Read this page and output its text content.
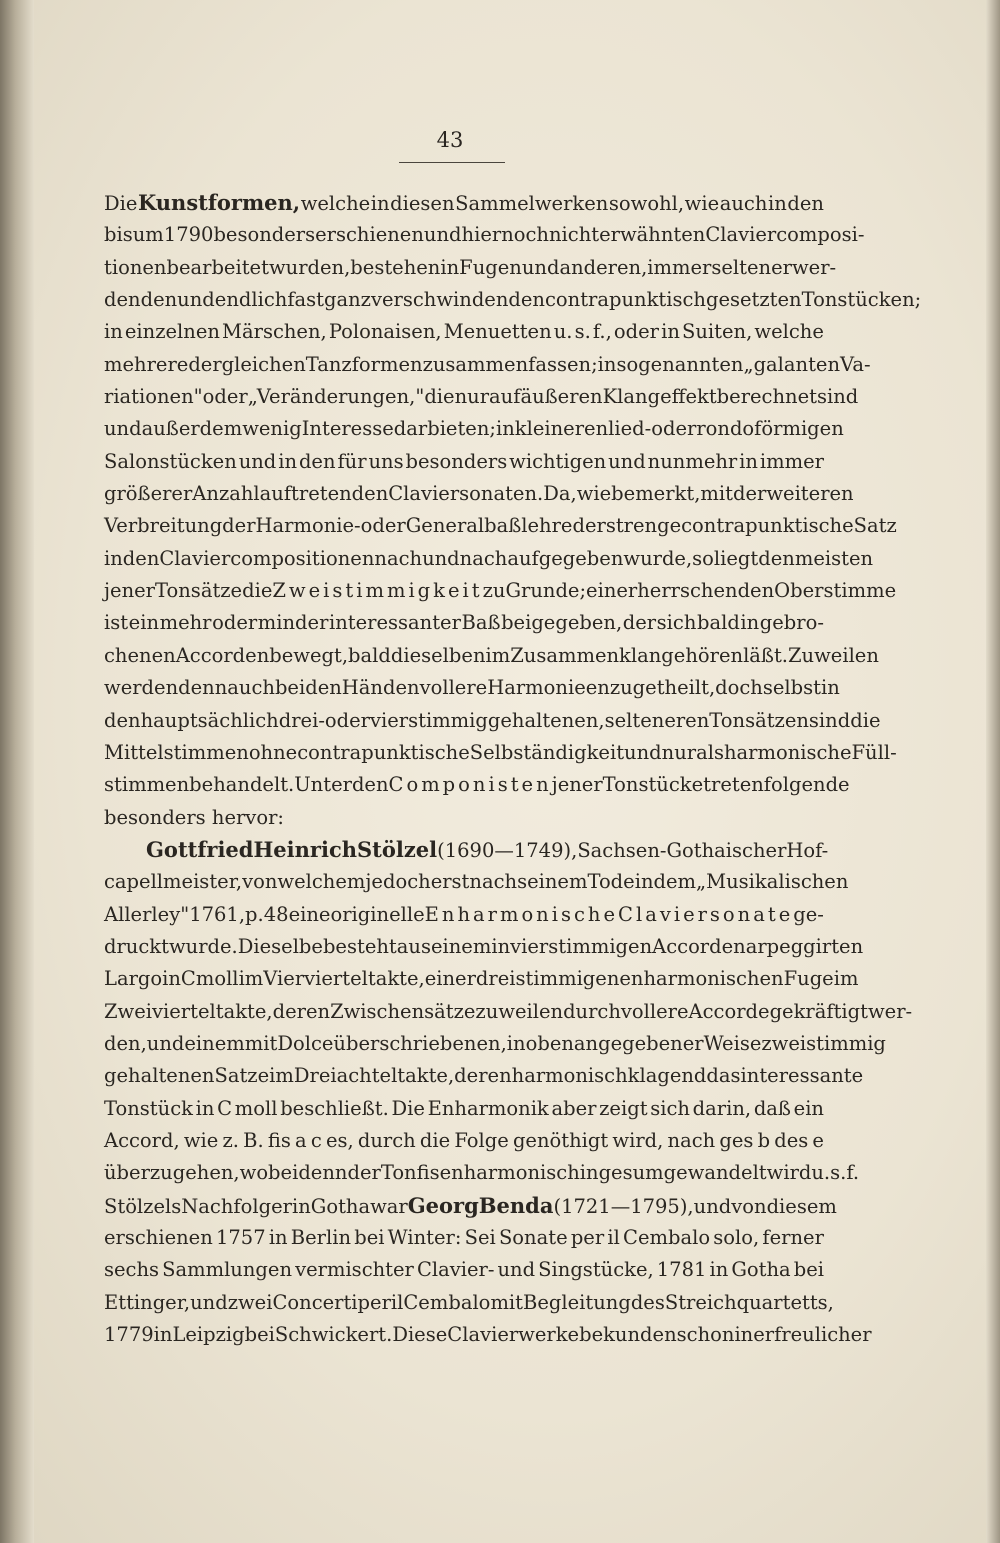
43
Die Kunstformen, welche in diesen Sammelwerken sowohl, wie auch in den
bis um 1790 besonders erschienen und hier noch nicht erwähnten Claviercomposi-
tionen bearbeitet wurden, bestehen in Fugen und anderen, immer seltener wer-
denden und endlich fast ganz verschwindenden contrapunktisch gesetzten Tonstücken;
in einzelnen Märschen, Polonaisen, Menuetten u. s. f., oder in Suiten, welche
mehrere dergleichen Tanzformen zusammenfassen; in sogenannten „galanten Va-
riationen" oder „Veränderungen," die nur auf äußeren Klangeffekt berechnet sind
und außerdem wenig Interesse darbieten; in kleineren lied- oder rondoförmigen
Salonstücken und in den für uns besonders wichtigen und nunmehr in immer
größerer Anzahl auftretenden Claviersonaten. Da, wie bemerkt, mit der weiteren
Verbreitung der Harmonie- oder Generalbaßlehre der strenge contrapunktische Satz
in den Claviercompositionen nach und nach aufgegeben wurde, so liegt den meisten
jener Tonsätze die Zweistimmigkeit zu Grunde; einer herrschenden Oberstimme
ist ein mehr oder minder interessanter Baß beigegeben, der sich bald in gebro-
chenen Accorden bewegt, bald dieselben im Zusammenklange hören läßt. Zuweilen
werden denn auch beiden Händen vollere Harmonieen zugetheilt, doch selbst in
den hauptsächlich drei- oder vierstimmig gehaltenen, selteneren Tonsätzen sind die
Mittelstimmen ohne contrapunktische Selbständigkeit und nur als harmonische Füll-
stimmen behandelt. Unter den Componisten jener Tonstücke treten folgende
besonders hervor:
Gottfried Heinrich Stölzel (1690—1749), Sachsen-Gothaischer Hof-
capellmeister, von welchem jedoch erst nach seinem Tode in dem „Musikalischen
Allerley" 1761, p. 48 eine originelle Enharmonische Claviersonate ge-
druckt wurde. Dieselbe besteht aus einem in vierstimmigen Accorden arpeggirten
Largo in C moll im Viervierteltakte, einer dreistimmigen enharmonischen Fuge im
Zweivierteltakte, deren Zwischensätze zuweilen durch vollere Accorde gekräftigt wer-
den, und einem mit Dolce überschriebenen, in oben angegebener Weise zweistimmig
gehaltenen Satze im Dreiachteltakte, der enharmonisch klagend das interessante
Tonstück in C moll beschließt. Die Enharmonik aber zeigt sich darin, daß ein
Accord, wie z. B. fis a c es, durch die Folge genöthigt wird, nach ges b des e
überzugehen, wobei denn der Ton fis enharmonisch in ges umgewandelt wird u. s. f.
Stölzels Nachfolger in Gotha war Georg Benda (1721—1795), und von diesem
erschienen 1757 in Berlin bei Winter: Sei Sonate per il Cembalo solo, ferner
sechs Sammlungen vermischter Clavier- und Singstücke, 1781 in Gotha bei
Ettinger, und zwei Concerti per il Cembalo mit Begleitung des Streichquartetts,
1779 in Leipzig bei Schwickert. Diese Clavierwerke bekunden schon in erfreulicher
